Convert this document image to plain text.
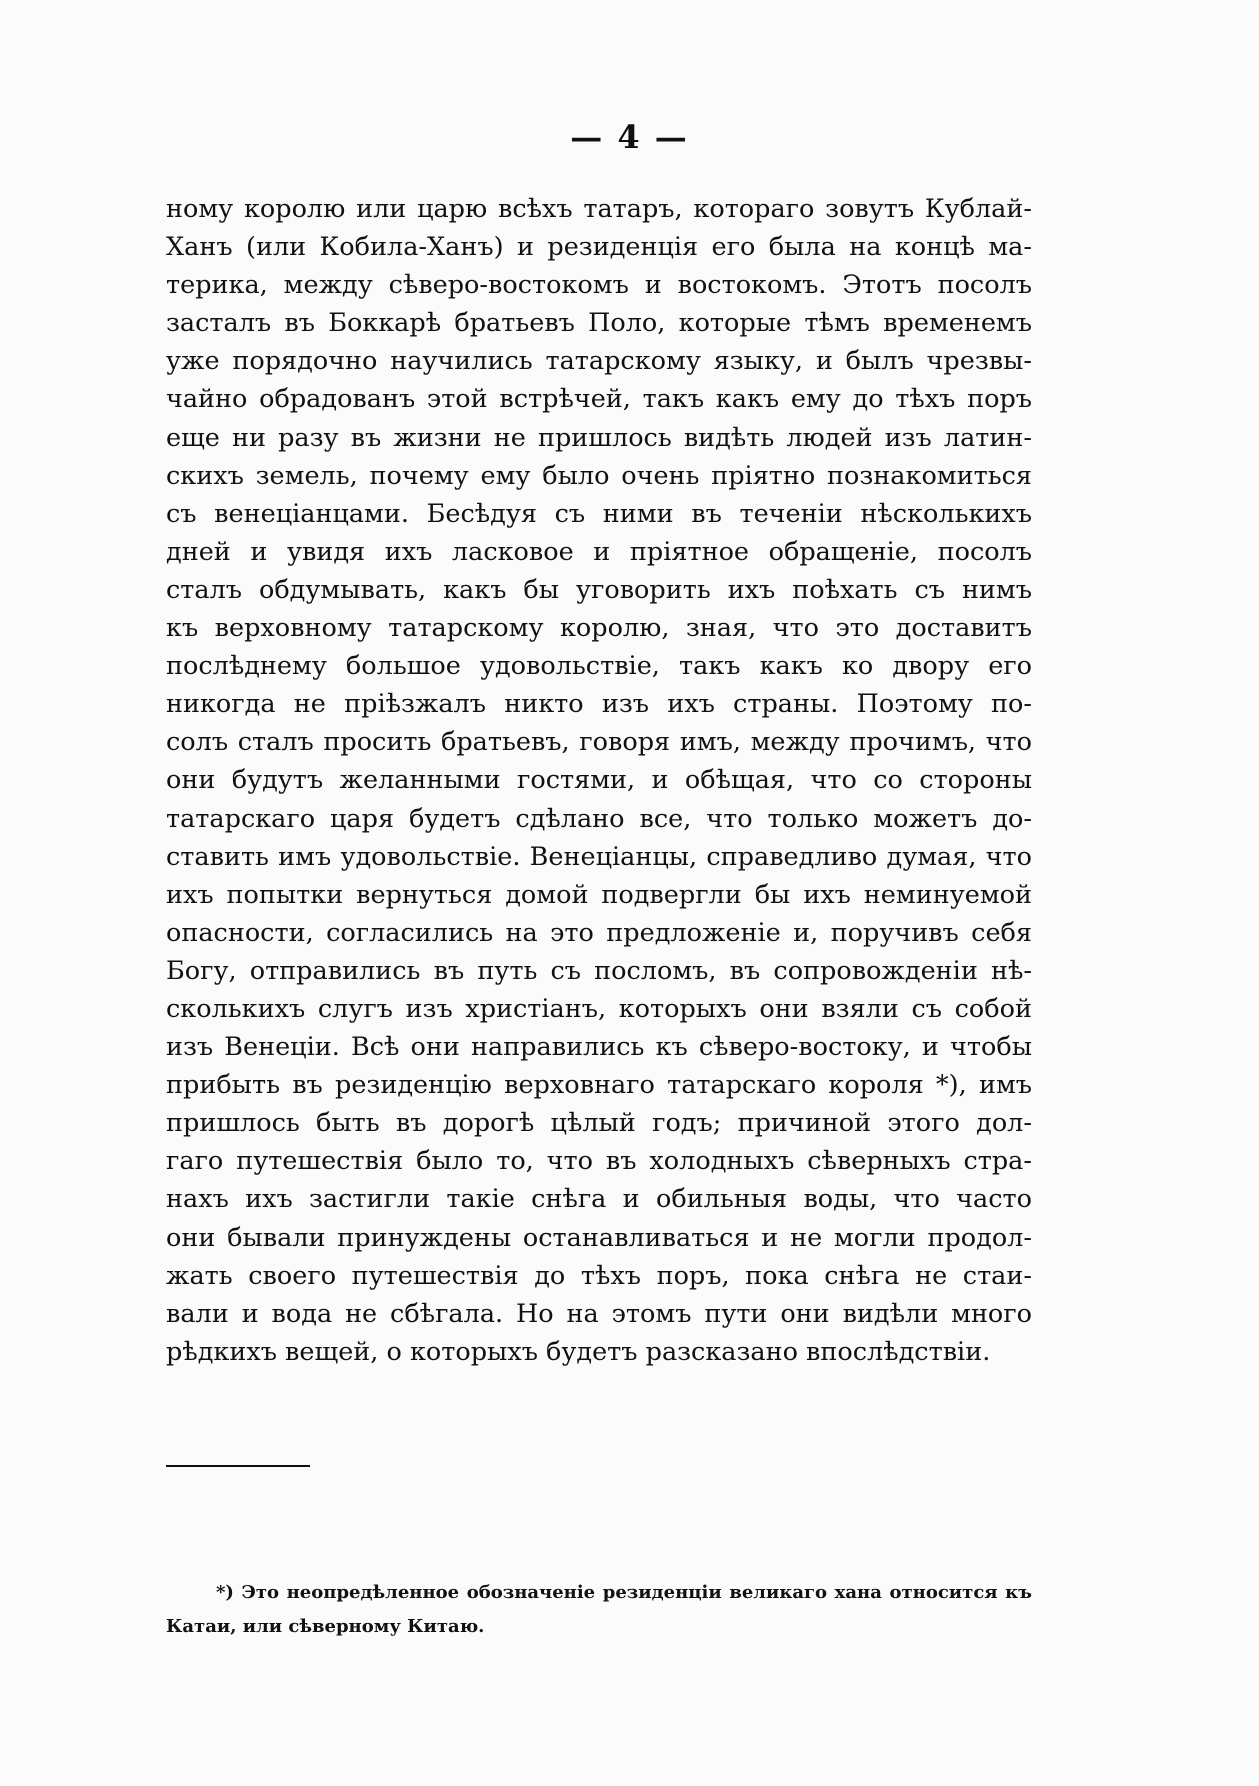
— 4 —
ному королю или царю всѣхъ татаръ, котораго зовутъ Кублай-
Ханъ (или Кобила-Ханъ) и резиденція его была на концѣ ма-
терика, между сѣверо-востокомъ и востокомъ. Этотъ посолъ
засталъ въ Боккарѣ братьевъ Поло, которые тѣмъ временемъ
уже порядочно научились татарскому языку, и былъ чрезвы-
чайно обрадованъ этой встрѣчей, такъ какъ ему до тѣхъ поръ
еще ни разу въ жизни не пришлось видѣть людей изъ латин-
скихъ земель, почему ему было очень пріятно познакомиться
съ венеціанцами. Бесѣдуя съ ними въ теченіи нѣсколькихъ
дней и увидя ихъ ласковое и пріятное обращеніе, посолъ
сталъ обдумывать, какъ бы уговорить ихъ поѣхать съ нимъ
къ верховному татарскому королю, зная, что это доставитъ
послѣднему большое удовольствіе, такъ какъ ко двору его
никогда не пріѣзжалъ никто изъ ихъ страны. Поэтому по-
солъ сталъ просить братьевъ, говоря имъ, между прочимъ, что
они будутъ желанными гостями, и обѣщая, что со стороны
татарскаго царя будетъ сдѣлано все, что только можетъ до-
ставить имъ удовольствіе. Венеціанцы, справедливо думая, что
ихъ попытки вернуться домой подвергли бы ихъ неминуемой
опасности, согласились на это предложеніе и, поручивъ себя
Богу, отправились въ путь съ посломъ, въ сопровожденіи нѣ-
сколькихъ слугъ изъ христіанъ, которыхъ они взяли съ собой
изъ Венеціи. Всѣ они направились къ сѣверо-востоку, и чтобы
прибыть въ резиденцію верховнаго татарскаго короля *), имъ
пришлось быть въ дорогѣ цѣлый годъ; причиной этого дол-
гаго путешествія было то, что въ холодныхъ сѣверныхъ стра-
нахъ ихъ застигли такіе снѣга и обильныя воды, что часто
они бывали принуждены останавливаться и не могли продол-
жать своего путешествія до тѣхъ поръ, пока снѣга не стаи-
вали и вода не сбѣгала. Но на этомъ пути они видѣли много
рѣдкихъ вещей, о которыхъ будетъ разсказано впослѣдствіи.
*) Это неопредѣленное обозначеніе резиденціи великаго хана относится къ
Катаи, или сѣверному Китаю.
